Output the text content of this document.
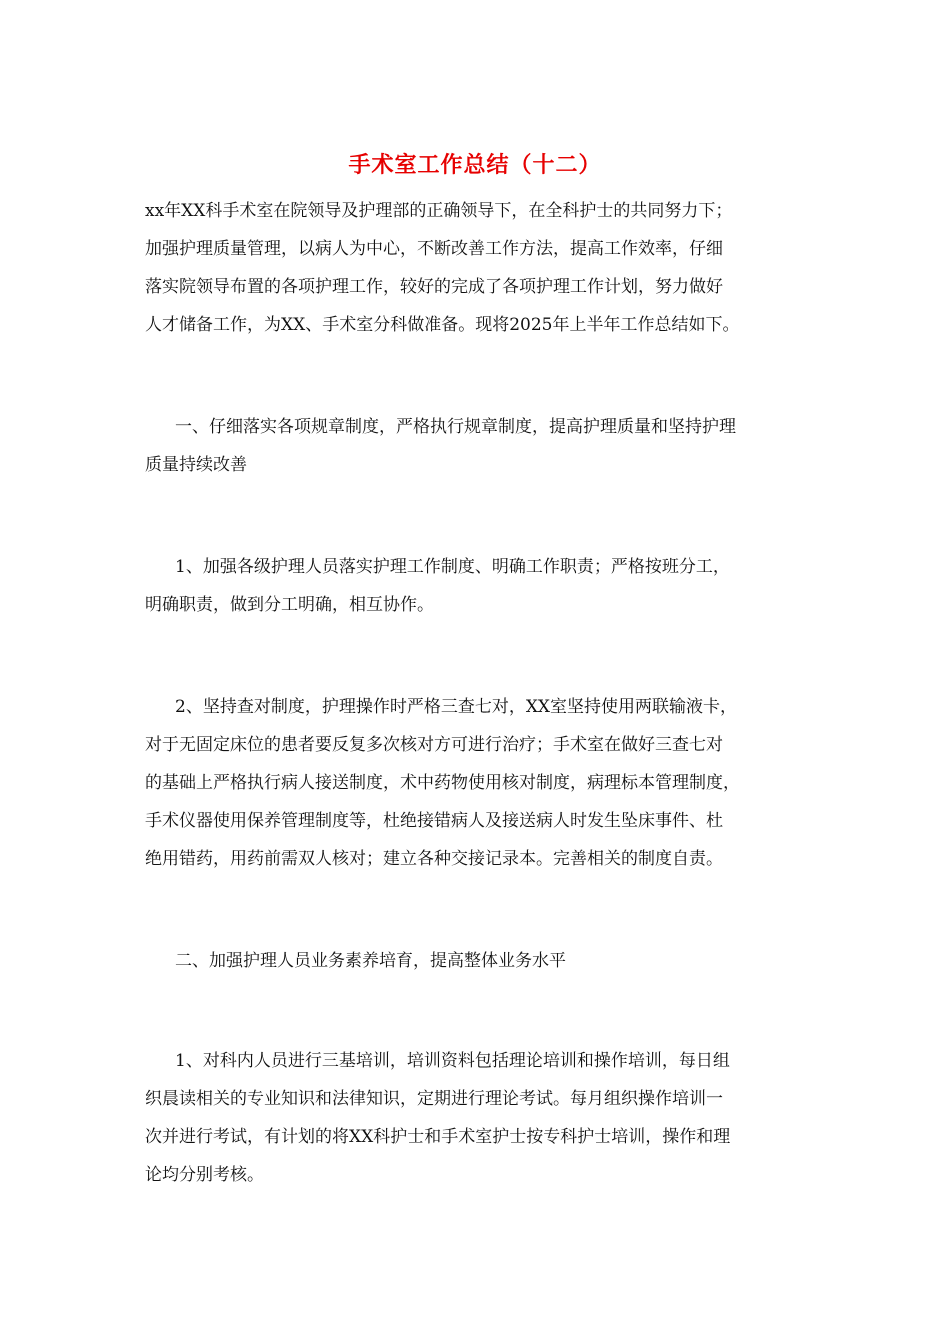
手术室工作总结（十二）
xx年XX科手术室在院领导及护理部的正确领导下，在全科护士的共同努力下；
加强护理质量管理，以病人为中心，不断改善工作方法，提高工作效率，仔细
落实院领导布置的各项护理工作，较好的完成了各项护理工作计划，努力做好
人才储备工作，为XX、手术室分科做准备。现将2025年上半年工作总结如下。
一、仔细落实各项规章制度，严格执行规章制度，提高护理质量和坚持护理
质量持续改善
1、加强各级护理人员落实护理工作制度、明确工作职责；严格按班分工，
明确职责，做到分工明确，相互协作。
2、坚持查对制度，护理操作时严格三查七对，XX室坚持使用两联输液卡，
对于无固定床位的患者要反复多次核对方可进行治疗；手术室在做好三查七对
的基础上严格执行病人接送制度，术中药物使用核对制度，病理标本管理制度，
手术仪器使用保养管理制度等，杜绝接错病人及接送病人时发生坠床事件、杜
绝用错药，用药前需双人核对；建立各种交接记录本。完善相关的制度自责。
二、加强护理人员业务素养培育，提高整体业务水平
1、对科内人员进行三基培训，培训资料包括理论培训和操作培训，每日组
织晨读相关的专业知识和法律知识，定期进行理论考试。每月组织操作培训一
次并进行考试，有计划的将XX科护士和手术室护士按专科护士培训，操作和理
论均分别考核。
